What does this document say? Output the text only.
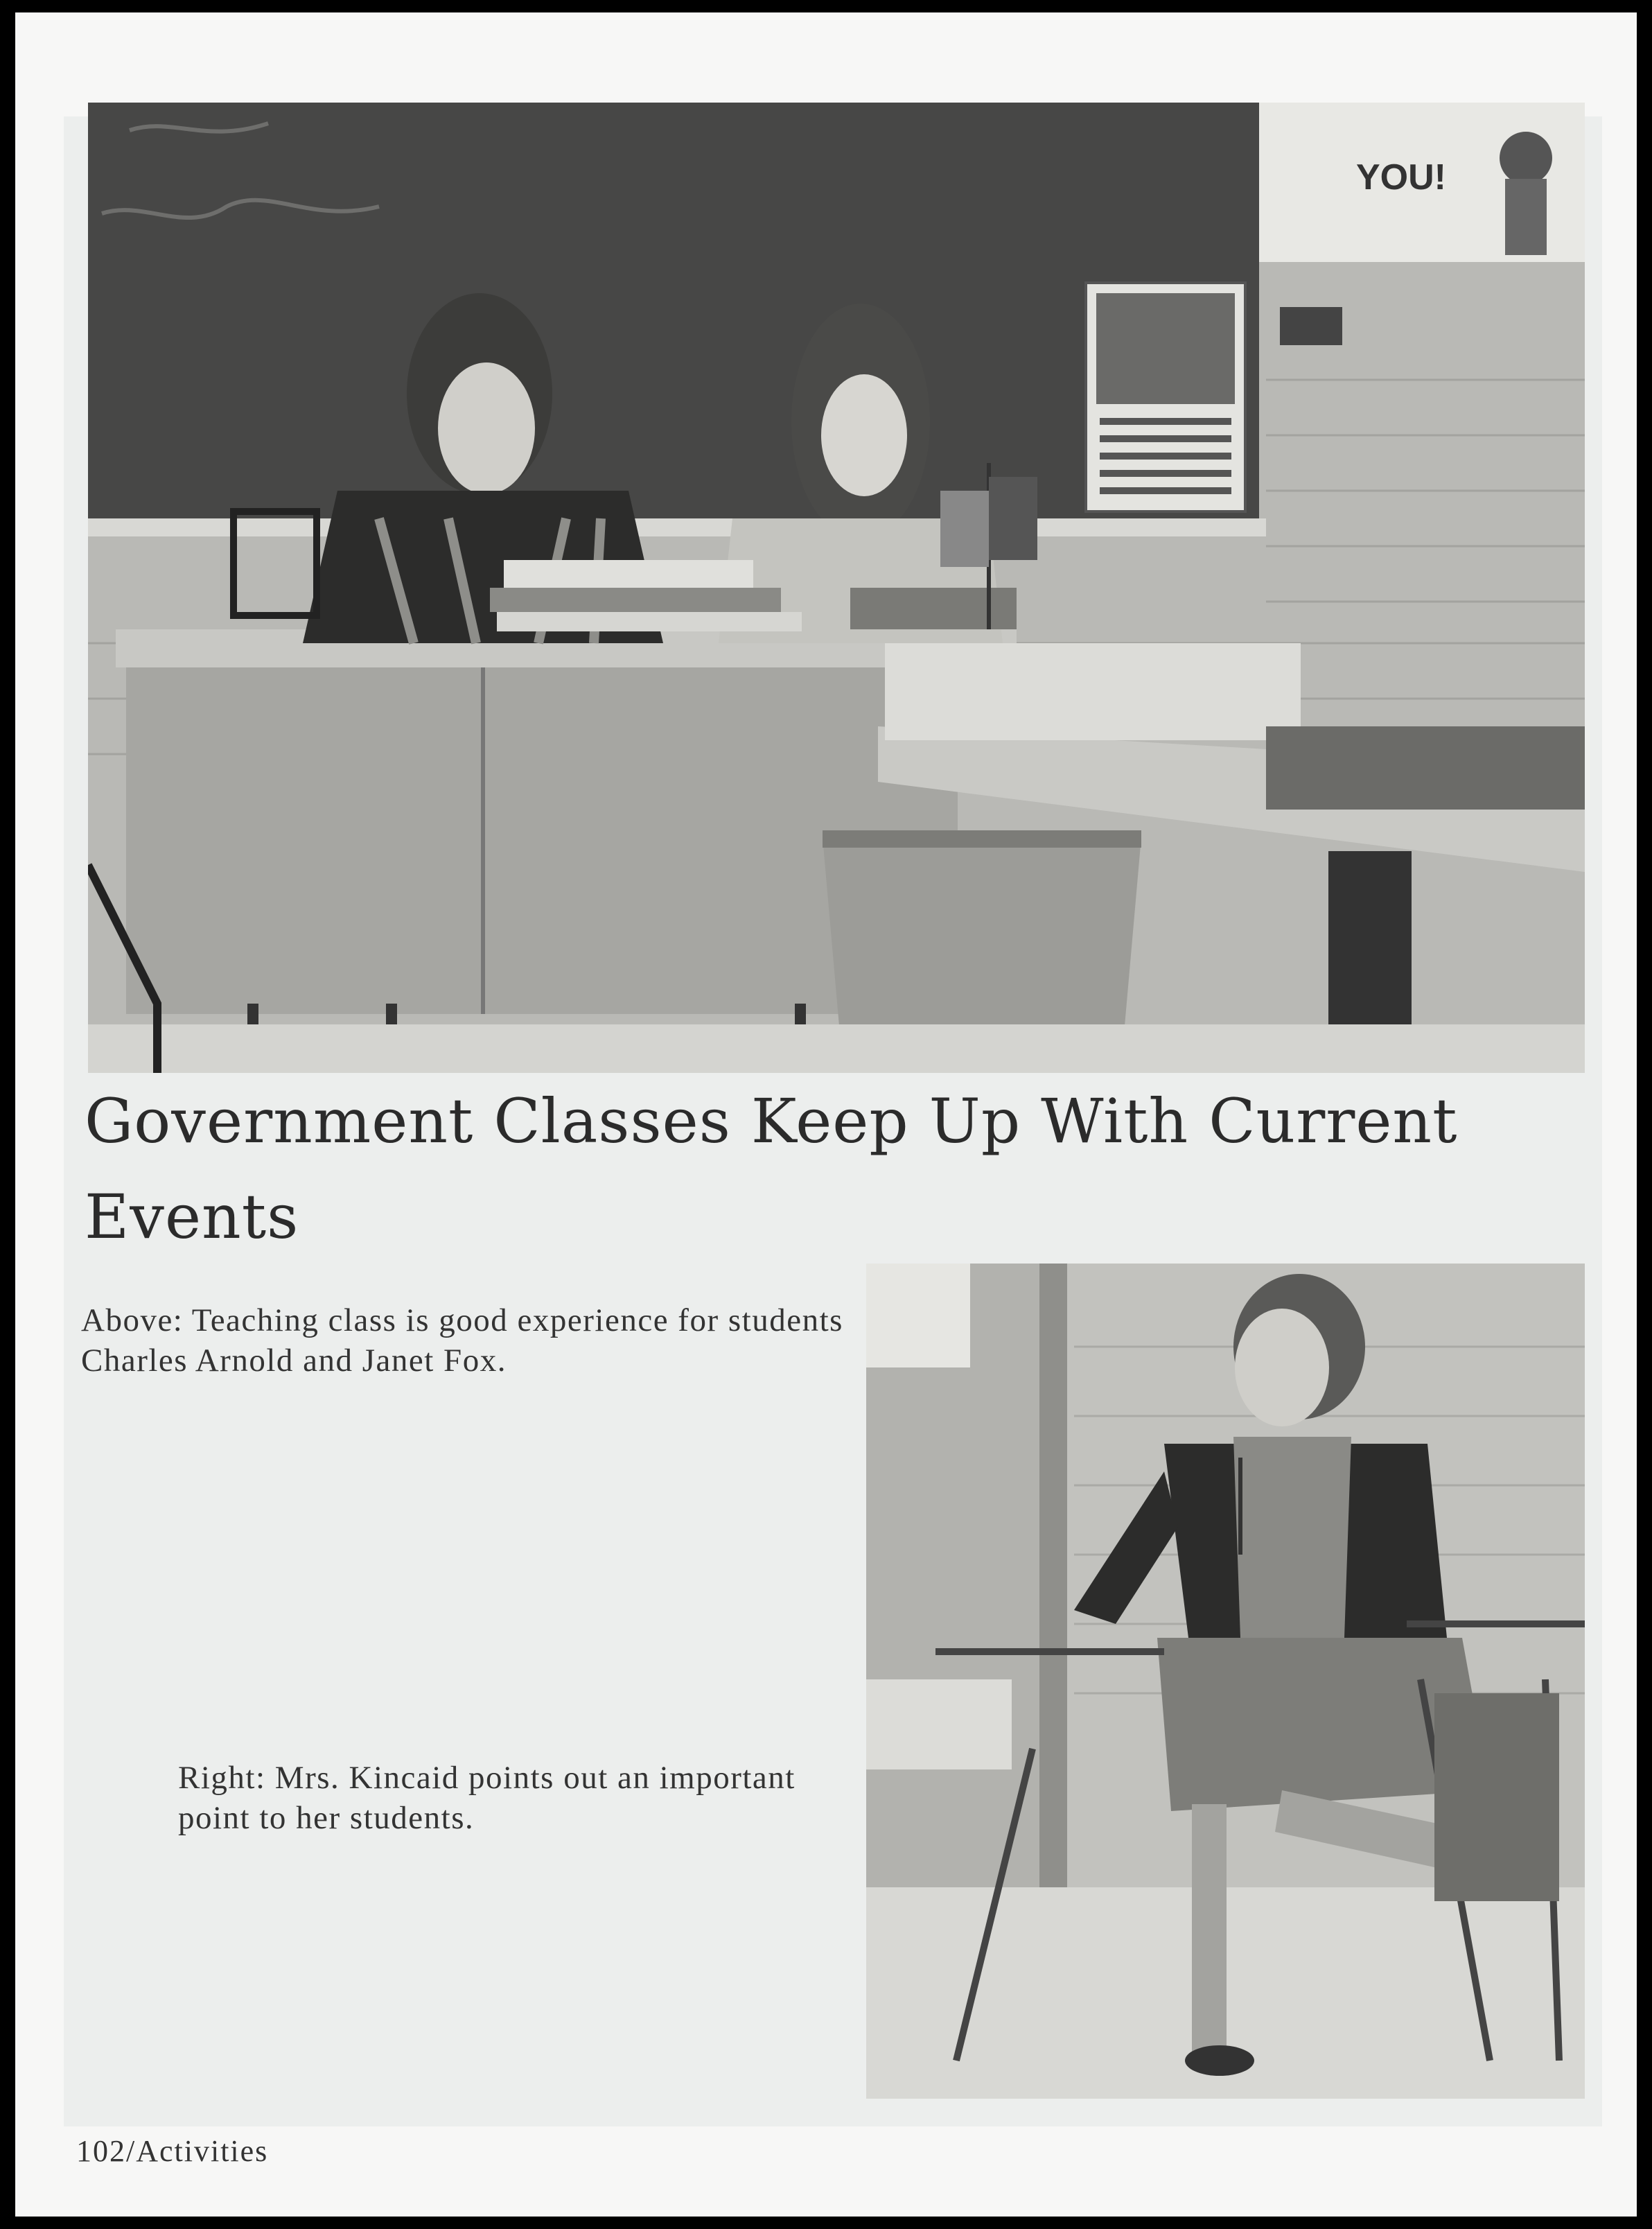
YOU!
Government Classes Keep Up With Current
Events
Above: Teaching class is good experience for students Charles Arnold and Janet Fox.
Right: Mrs. Kincaid points out an important point to her students.
102/Activities
